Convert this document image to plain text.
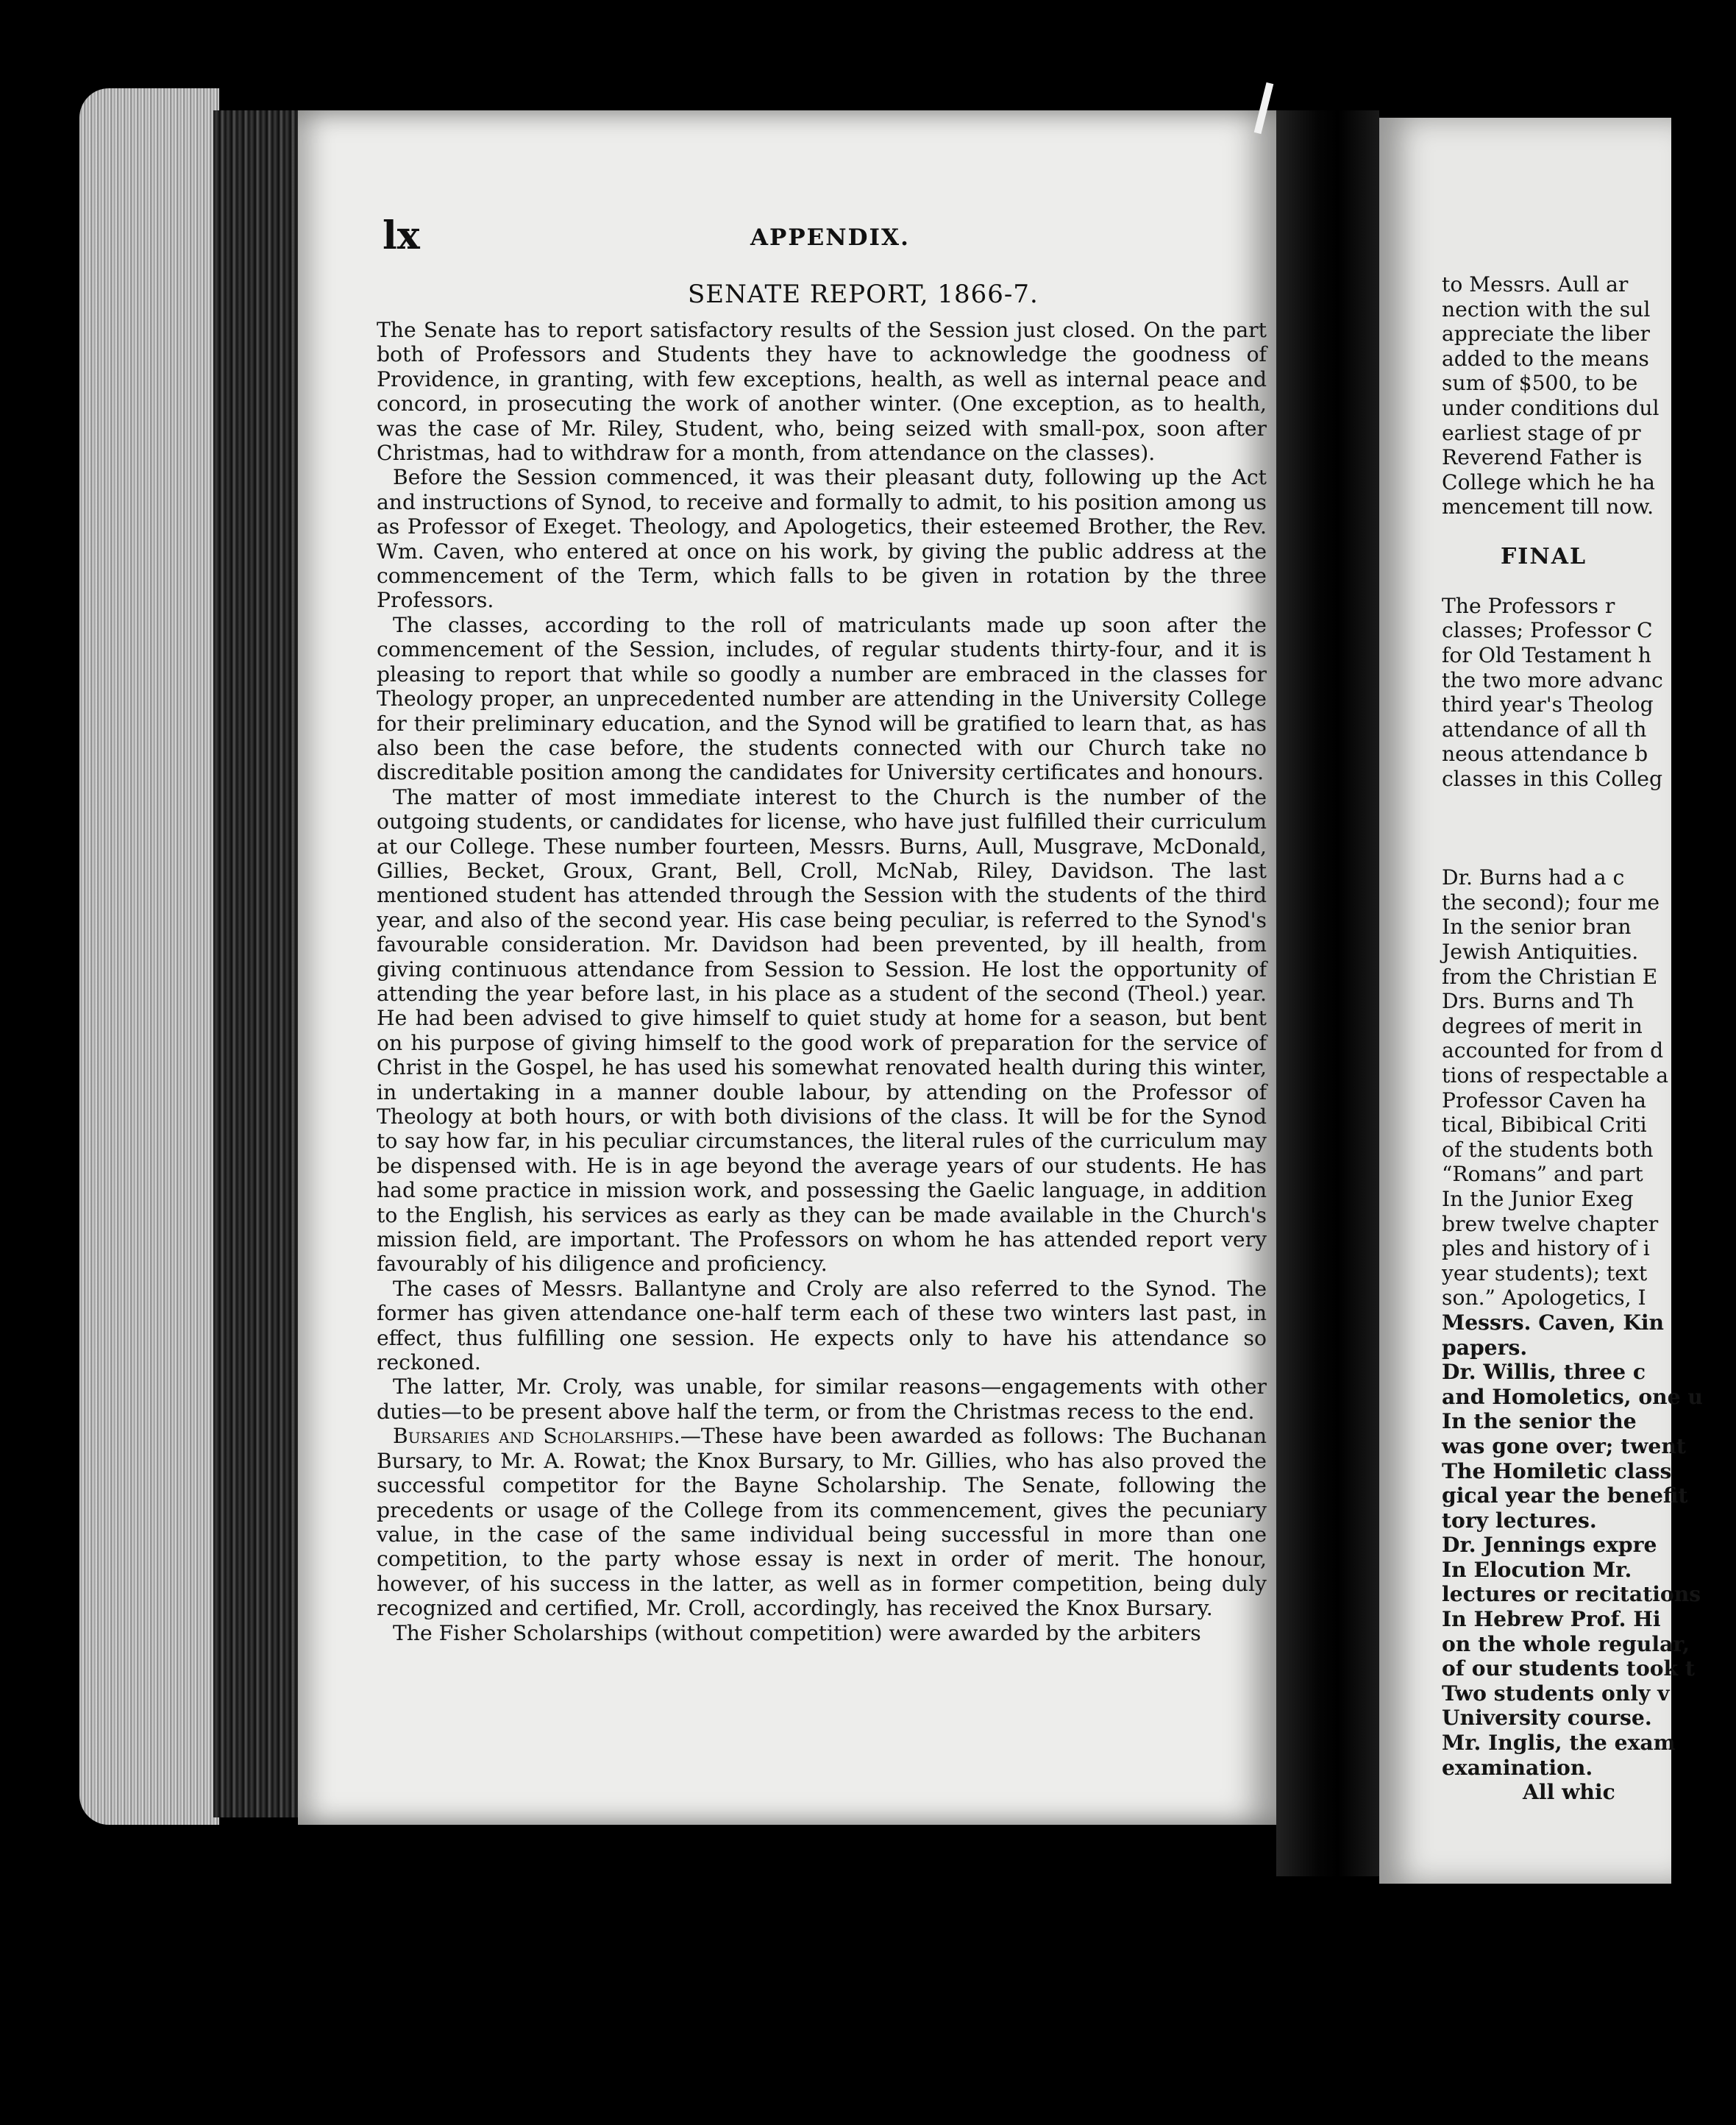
lx	APPENDIX.
SENATE REPORT, 1866-7.

The Senate has to report satisfactory results of the Session just closed. On the part both of Professors and Students they have to acknowledge the goodness of Providence, in granting, with few exceptions, health, as well as internal peace and concord, in prosecuting the work of another winter. (One exception, as to health, was the case of Mr. Riley, Student, who, being seized with small-pox, soon after Christmas, had to withdraw for a month, from attendance on the classes).

Before the Session commenced, it was their pleasant duty, following up the Act and instructions of Synod, to receive and formally to admit, to his position among us as Professor of Exeget. Theology, and Apologetics, their esteemed Brother, the Rev. Wm. Caven, who entered at once on his work, by giving the public address at the commencement of the Term, which falls to be given in rotation by the three Professors.

The classes, according to the roll of matriculants made up soon after the commencement of the Session, includes, of regular students thirty-four, and it is pleasing to report that while so goodly a number are embraced in the classes for Theology proper, an unprecedented number are attending in the University College for their preliminary education, and the Synod will be gratified to learn that, as has also been the case before, the students connected with our Church take no discreditable position among the candidates for University certificates and honours.

The matter of most immediate interest to the Church is the number of the outgoing students, or candidates for license, who have just fulfilled their curriculum at our College. These number fourteen, Messrs. Burns, Aull, Musgrave, McDonald, Gillies, Becket, Groux, Grant, Bell, Croll, McNab, Riley, Davidson. The last mentioned student has attended through the Session with the students of the third year, and also of the second year. His case being peculiar, is referred to the Synod's favourable consideration. Mr. Davidson had been prevented, by ill health, from giving continuous attendance from Session to Session. He lost the opportunity of attending the year before last, in his place as a student of the second (Theol.) year. He had been advised to give himself to quiet study at home for a season, but bent on his purpose of giving himself to the good work of preparation for the service of Christ in the Gospel, he has used his somewhat renovated health during this winter, in undertaking in a manner double labour, by attending on the Professor of Theology at both hours, or with both divisions of the class. It will be for the Synod to say how far, in his peculiar circumstances, the literal rules of the curriculum may be dispensed with. He is in age beyond the average years of our students. He has had some practice in mission work, and possessing the Gaelic language, in addition to the English, his services as early as they can be made available in the Church's mission field, are important. The Professors on whom he has attended report very favourably of his diligence and proficiency.

The cases of Messrs. Ballantyne and Croly are also referred to the Synod. The former has given attendance one-half term each of these two winters last past, in effect, thus fulfilling one session. He expects only to have his attendance so reckoned.

The latter, Mr. Croly, was unable, for similar reasons—engagements with other duties—to be present above half the term, or from the Christmas recess to the end.

Bursaries and Scholarships.—These have been awarded as follows: The Buchanan Bursary, to Mr. A. Rowat; the Knox Bursary, to Mr. Gillies, who has also proved the successful competitor for the Bayne Scholarship. The Senate, following the precedents or usage of the College from its commencement, gives the pecuniary value, in the case of the same individual being successful in more than one competition, to the party whose essay is next in order of merit. The honour, however, of his success in the latter, as well as in former competition, being duly recognized and certified, Mr. Croll, accordingly, has received the Knox Bursary.

The Fisher Scholarships (without competition) were awarded by the arbiters

to Messrs. Aull ar
nection with the sul
appreciate the liber
added to the means
sum of $500, to be
under conditions dul
earliest stage of pr
Reverend Father is
College which he ha
mencement till now.
FINAL
The Professors r
classes; Professor C
for Old Testament h
the two more advanc
third year's Theolog
attendance of all th
neous attendance b
classes in this Colleg
Dr. Burns had a c
the second); four me
In the senior bran
Jewish Antiquities.
from the Christian E
Drs. Burns and Th
degrees of merit in
accounted for from d
tions of respectable a
Professor Caven ha
tical, Bibibical Criti
of the students both
“Romans” and part
In the Junior Exeg
brew twelve chapter
ples and history of i
year students); text
son.” Apologetics, I
Messrs. Caven, Kin
papers.
Dr. Willis, three c
and Homoletics, one u
In the senior the
was gone over; twent
The Homiletic class
gical year the benefit
tory lectures.
Dr. Jennings expre
In Elocution Mr.
lectures or recitations
In Hebrew Prof. Hi
on the whole regular,
of our students took t
Two students only v
University course.
Mr. Inglis, the exam
examination.
All whic
